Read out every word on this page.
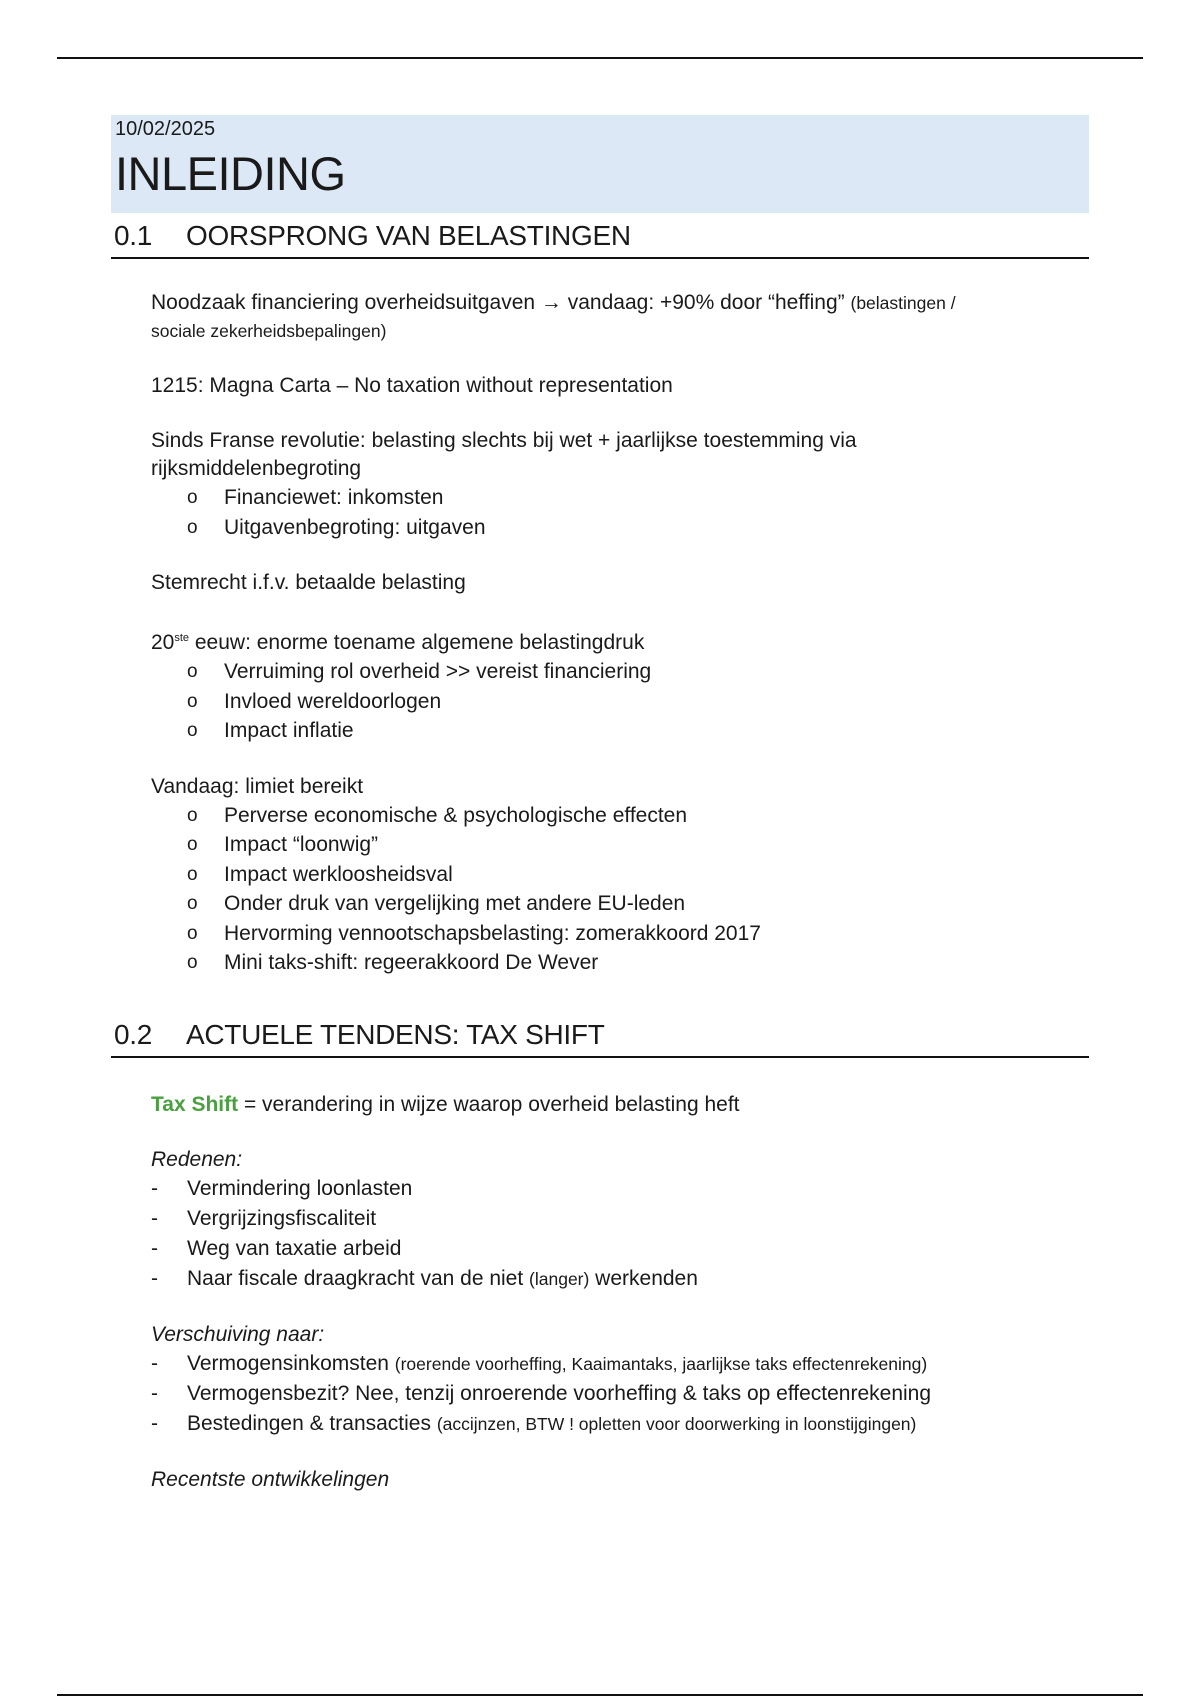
10/02/2025
INLEIDING
0.1 OORSPRONG VAN BELASTINGEN
Noodzaak financiering overheidsuitgaven → vandaag: +90% door “heffing” (belastingen /
sociale zekerheidsbepalingen)
1215: Magna Carta – No taxation without representation
Sinds Franse revolutie: belasting slechts bij wet + jaarlijkse toestemming via
rijksmiddelenbegroting
o Financiewet: inkomsten
o Uitgavenbegroting: uitgaven
Stemrecht i.f.v. betaalde belasting
20ste eeuw: enorme toename algemene belastingdruk
o Verruiming rol overheid >> vereist financiering
o Invloed wereldoorlogen
o Impact inflatie
Vandaag: limiet bereikt
o Perverse economische & psychologische effecten
o Impact “loonwig”
o Impact werkloosheidsval
o Onder druk van vergelijking met andere EU-leden
o Hervorming vennootschapsbelasting: zomerakkoord 2017
o Mini taks-shift: regeerakkoord De Wever
0.2 ACTUELE TENDENS: TAX SHIFT
Tax Shift = verandering in wijze waarop overheid belasting heft
Redenen:
- Vermindering loonlasten
- Vergrijzingsfiscaliteit
- Weg van taxatie arbeid
- Naar fiscale draagkracht van de niet (langer) werkenden
Verschuiving naar:
- Vermogensinkomsten (roerende voorheffing, Kaaimantaks, jaarlijkse taks effectenrekening)
- Vermogensbezit? Nee, tenzij onroerende voorheffing & taks op effectenrekening
- Bestedingen & transacties (accijnzen, BTW ! opletten voor doorwerking in loonstijgingen)
Recentste ontwikkelingen
